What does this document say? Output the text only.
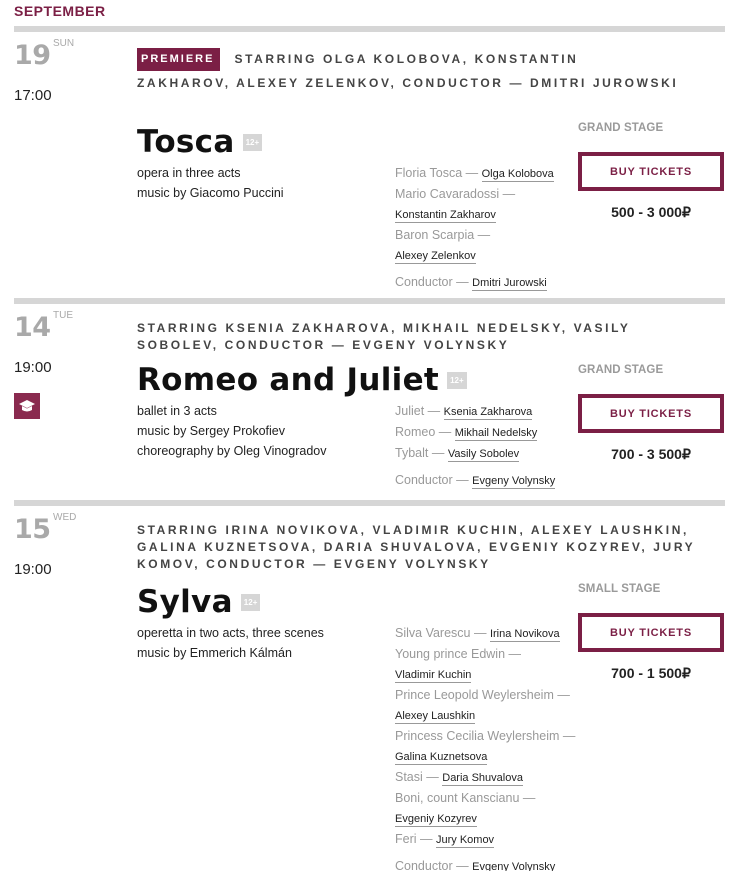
SEPTEMBER
19 SUN
17:00
PREMIERE STARRING OLGA KOLOBOVA, KONSTANTIN
ZAKHAROV, ALEXEY ZELENKOV, CONDUCTOR — DMITRI JUROWSKI
Tosca 12+
opera in three acts
music by Giacomo Puccini
Floria Tosca — Olga Kolobova
Mario Cavaradossi —
Konstantin Zakharov
Baron Scarpia —
Alexey Zelenkov
Conductor — Dmitri Jurowski
GRAND STAGE
BUY TICKETS
500 - 3 000₽
14 TUE
19:00
STARRING KSENIA ZAKHAROVA, MIKHAIL NEDELSKY, VASILY SOBOLEV, CONDUCTOR — EVGENY VOLYNSKY
Romeo and Juliet 12+
ballet in 3 acts
music by Sergey Prokofiev
choreography by Oleg Vinogradov
Juliet — Ksenia Zakharova
Romeo — Mikhail Nedelsky
Tybalt — Vasily Sobolev
Conductor — Evgeny Volynsky
GRAND STAGE
BUY TICKETS
700 - 3 500₽
15 WED
19:00
STARRING IRINA NOVIKOVA, VLADIMIR KUCHIN, ALEXEY LAUSHKIN, GALINA KUZNETSOVA, DARIA SHUVALOVA, EVGENIY KOZYREV, JURY KOMOV, CONDUCTOR — EVGENY VOLYNSKY
Sylva 12+
operetta in two acts, three scenes
music by Emmerich Kálmán
Silva Varescu — Irina Novikova
Young prince Edwin —
Vladimir Kuchin
Prince Leopold Weylersheim —
Alexey Laushkin
Princess Cecilia Weylersheim —
Galina Kuznetsova
Stasi — Daria Shuvalova
Boni, count Kanscianu —
Evgeniy Kozyrev
Feri — Jury Komov
Conductor — Evgeny Volynsky
SMALL STAGE
BUY TICKETS
700 - 1 500₽
